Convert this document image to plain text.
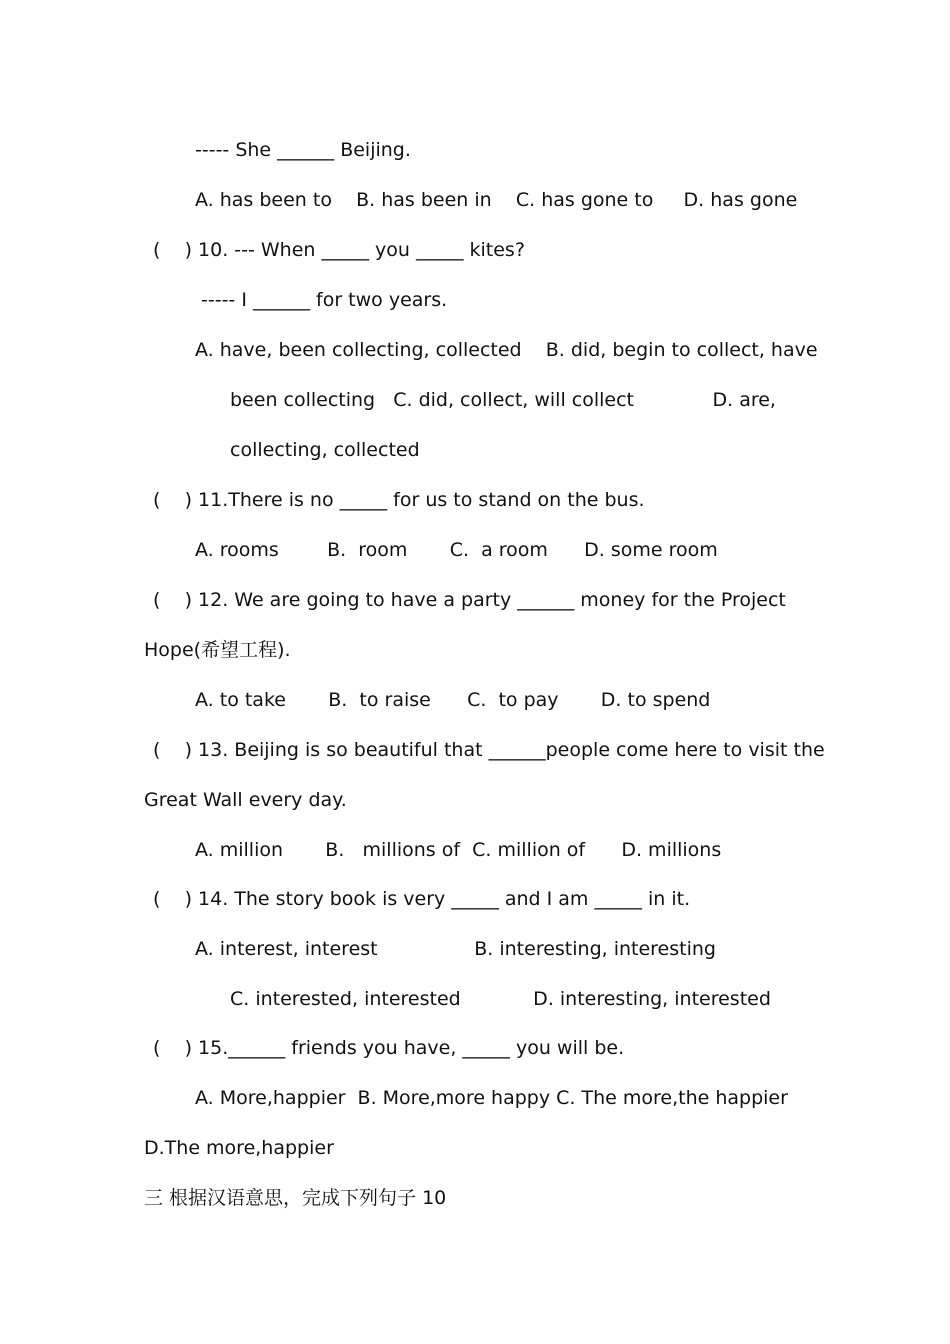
----- She ______ Beijing.
A. has been to    B. has been in    C. has gone to     D. has gone
(    ) 10. --- When _____ you _____ kites?
----- I ______ for two years.
A. have, been collecting, collected    B. did, begin to collect, have
been collecting   C. did, collect, will collect             D. are,
collecting, collected
(    ) 11.There is no _____ for us to stand on the bus.
A. rooms        B.  room       C.  a room      D. some room
(    ) 12. We are going to have a party ______ money for the Project
Hope(希望工程).
A. to take       B.  to raise      C.  to pay       D. to spend
(    ) 13. Beijing is so beautiful that ______people come here to visit the
Great Wall every day.
A. million       B.   millions of  C. million of      D. millions
(    ) 14. The story book is very _____ and I am _____ in it.
A. interest, interest                B. interesting, interesting
C. interested, interested            D. interesting, interested
(    ) 15.______ friends you have, _____ you will be.
A. More,happier  B. More,more happy C. The more,the happier
D.The more,happier
三 根据汉语意思，完成下列句子 10
